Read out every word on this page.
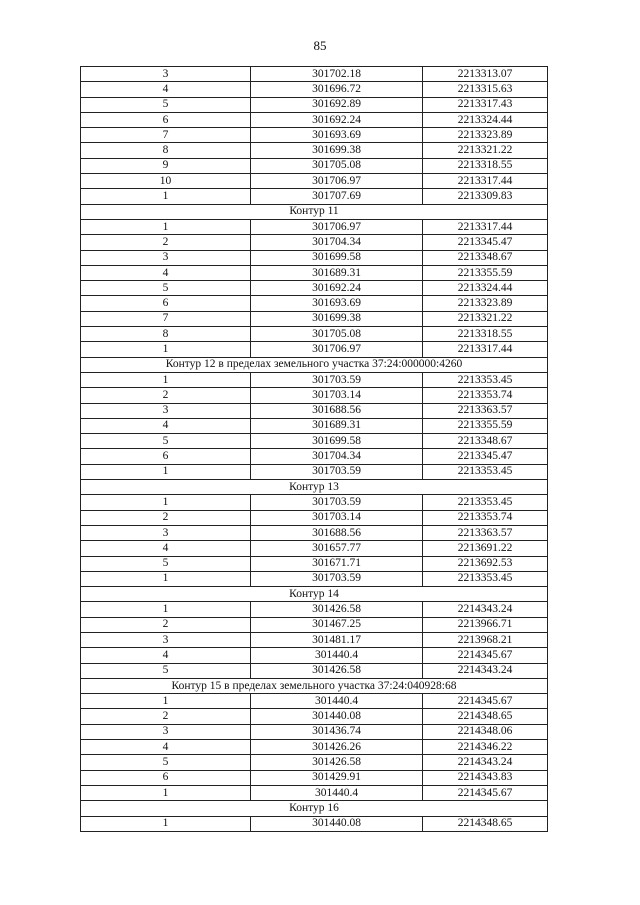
85
3	301702.18	2213313.07
4	301696.72	2213315.63
5	301692.89	2213317.43
6	301692.24	2213324.44
7	301693.69	2213323.89
8	301699.38	2213321.22
9	301705.08	2213318.55
10	301706.97	2213317.44
1	301707.69	2213309.83
Контур 11		
1	301706.97	2213317.44
2	301704.34	2213345.47
3	301699.58	2213348.67
4	301689.31	2213355.59
5	301692.24	2213324.44
6	301693.69	2213323.89
7	301699.38	2213321.22
8	301705.08	2213318.55
1	301706.97	2213317.44
Контур 12 в пределах земельного участка 37:24:000000:4260		
1	301703.59	2213353.45
2	301703.14	2213353.74
3	301688.56	2213363.57
4	301689.31	2213355.59
5	301699.58	2213348.67
6	301704.34	2213345.47
1	301703.59	2213353.45
Контур 13		
1	301703.59	2213353.45
2	301703.14	2213353.74
3	301688.56	2213363.57
4	301657.77	2213691.22
5	301671.71	2213692.53
1	301703.59	2213353.45
Контур 14		
1	301426.58	2214343.24
2	301467.25	2213966.71
3	301481.17	2213968.21
4	301440.4	2214345.67
5	301426.58	2214343.24
Контур 15 в пределах земельного участка 37:24:040928:68		
1	301440.4	2214345.67
2	301440.08	2214348.65
3	301436.74	2214348.06
4	301426.26	2214346.22
5	301426.58	2214343.24
6	301429.91	2214343.83
1	301440.4	2214345.67
Контур 16		
1	301440.08	2214348.65
